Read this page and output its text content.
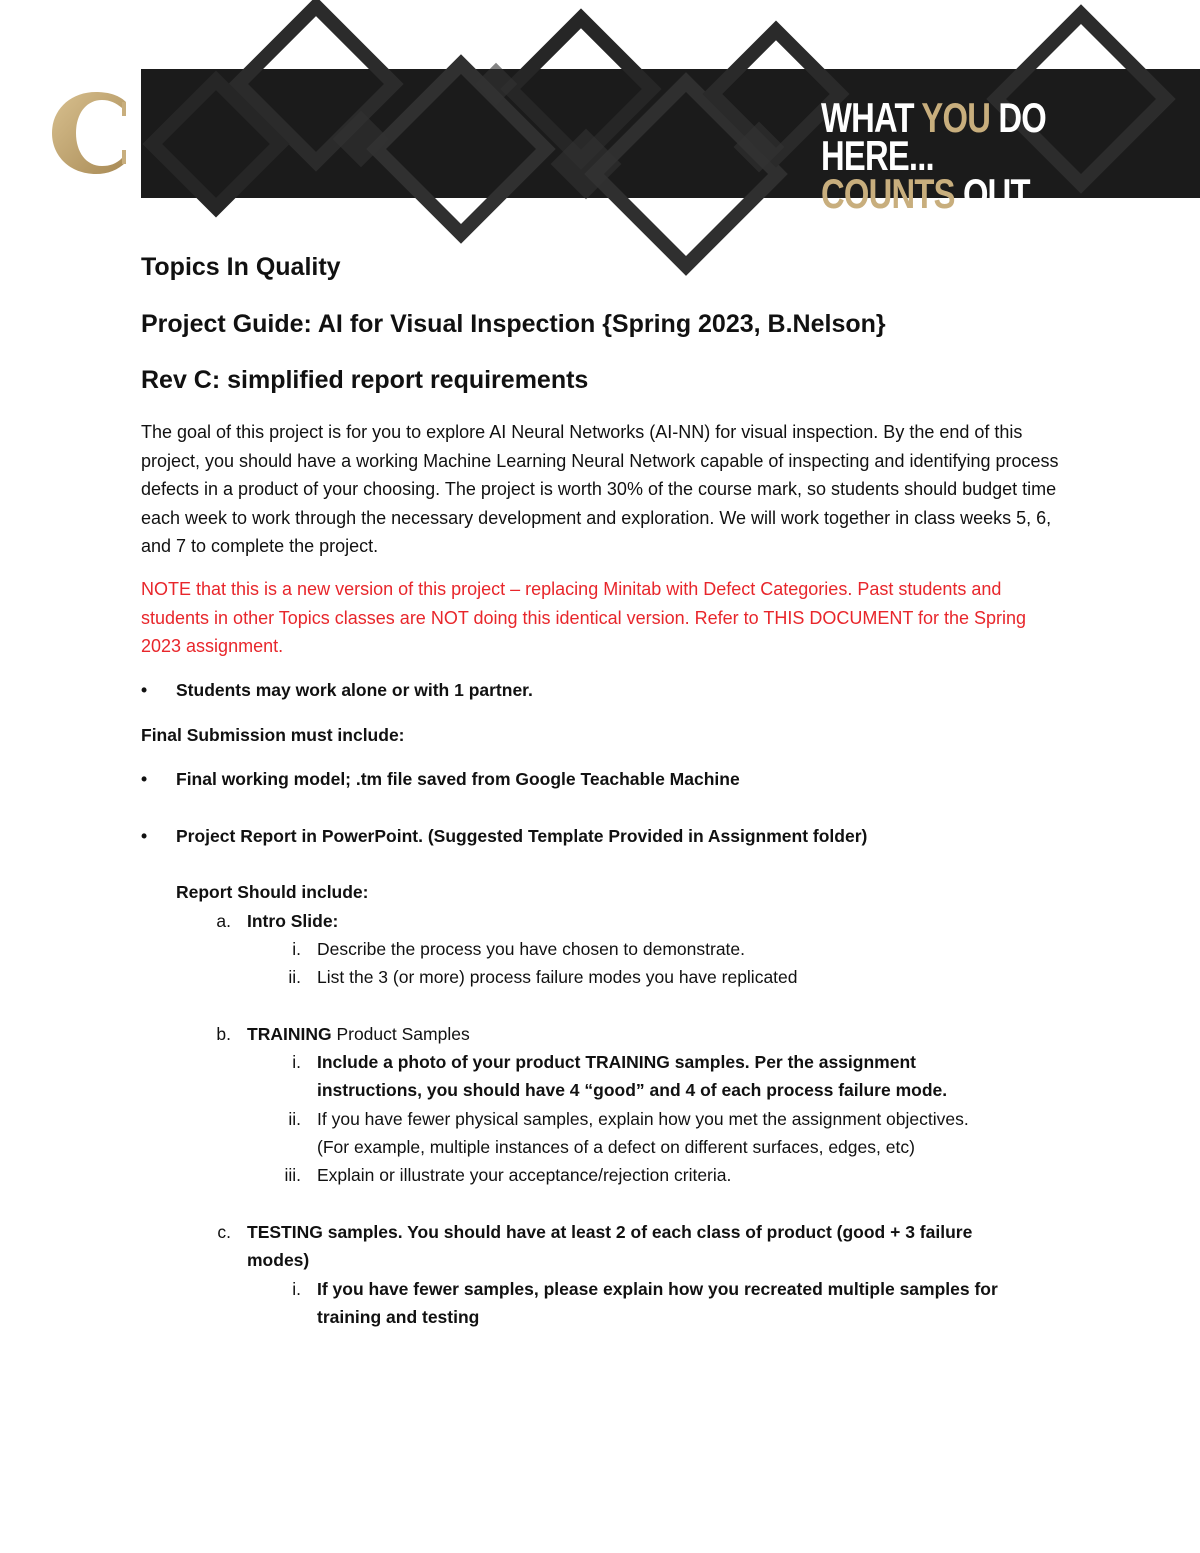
WHAT YOU DO HERE...
COUNTS OUT THERE®
Topics In Quality
Project Guide: AI for Visual Inspection {Spring 2023, B.Nelson}
Rev C: simplified report requirements

The goal of this project is for you to explore AI Neural Networks (AI-NN) for visual inspection. By the end of this project, you should have a working Machine Learning Neural Network capable of inspecting and identifying process defects in a product of your choosing. The project is worth 30% of the course mark, so students should budget time each week to work through the necessary development and exploration. We will work together in class weeks 5, 6, and 7 to complete the project.

NOTE that this is a new version of this project – replacing Minitab with Defect Categories. Past students and students in other Topics classes are NOT doing this identical version. Refer to THIS DOCUMENT for the Spring 2023 assignment.

• Students may work alone or with 1 partner.
Final Submission must include:
• Final working model; .tm file saved from Google Teachable Machine
• Project Report in PowerPoint. (Suggested Template Provided in Assignment folder)
Report Should include:
a. Intro Slide:
i. Describe the process you have chosen to demonstrate.
ii. List the 3 (or more) process failure modes you have replicated
b. TRAINING Product Samples
i. Include a photo of your product TRAINING samples. Per the assignment
instructions, you should have 4 “good” and 4 of each process failure mode.
ii. If you have fewer physical samples, explain how you met the assignment objectives.
(For example, multiple instances of a defect on different surfaces, edges, etc)
iii. Explain or illustrate your acceptance/rejection criteria.
c. TESTING samples. You should have at least 2 of each class of product (good + 3 failure
modes)
i. If you have fewer samples, please explain how you recreated multiple samples for
training and testing
